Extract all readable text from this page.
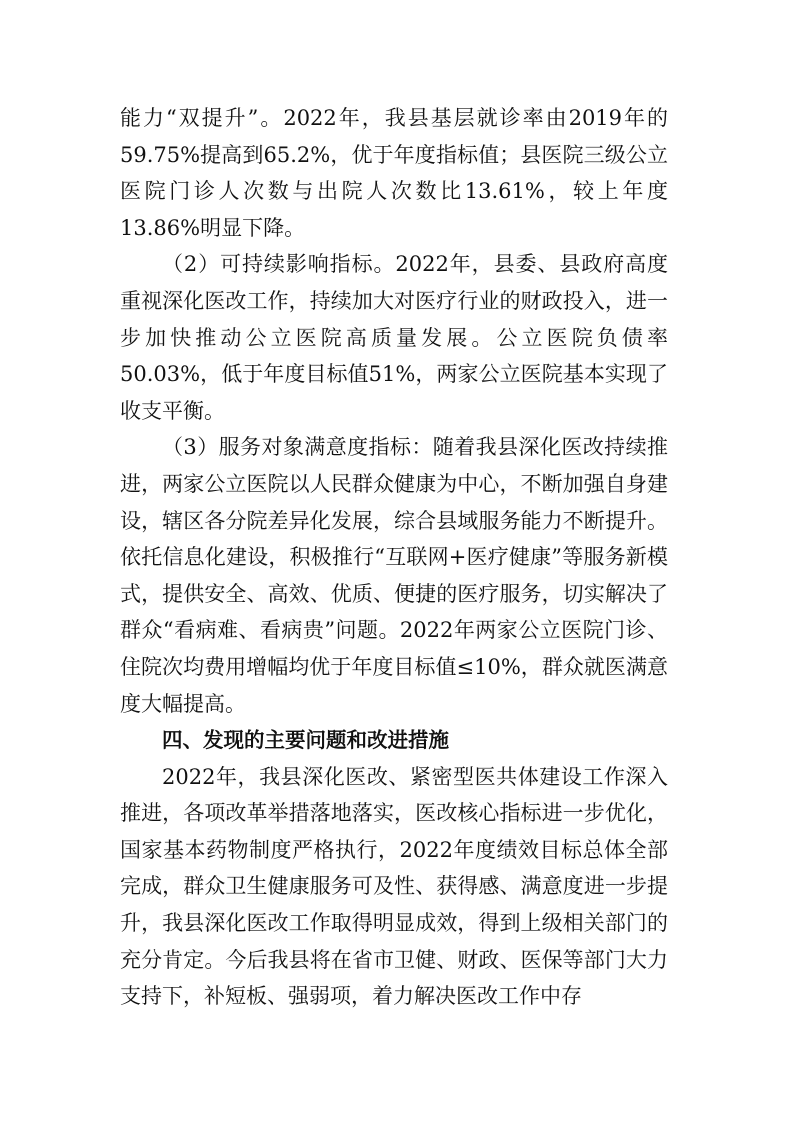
能力“双提升”。2022年，我县基层就诊率由2019年的59.75%提高到65.2%，优于年度指标值；县医院三级公立医院门诊人次数与出院人次数比13.61%，较上年度13.86%明显下降。

（2）可持续影响指标。2022年，县委、县政府高度重视深化医改工作，持续加大对医疗行业的财政投入，进一步加快推动公立医院高质量发展。公立医院负债率50.03%，低于年度目标值51%，两家公立医院基本实现了收支平衡。

（3）服务对象满意度指标：随着我县深化医改持续推进，两家公立医院以人民群众健康为中心，不断加强自身建设，辖区各分院差异化发展，综合县域服务能力不断提升。依托信息化建设，积极推行“互联网+医疗健康”等服务新模式，提供安全、高效、优质、便捷的医疗服务，切实解决了群众“看病难、看病贵”问题。2022年两家公立医院门诊、住院次均费用增幅均优于年度目标值≤10%，群众就医满意度大幅提高。

四、发现的主要问题和改进措施

2022年，我县深化医改、紧密型医共体建设工作深入推进，各项改革举措落地落实，医改核心指标进一步优化，国家基本药物制度严格执行，2022年度绩效目标总体全部完成，群众卫生健康服务可及性、获得感、满意度进一步提升，我县深化医改工作取得明显成效，得到上级相关部门的充分肯定。今后我县将在省市卫健、财政、医保等部门大力支持下，补短板、强弱项，着力解决医改工作中存
